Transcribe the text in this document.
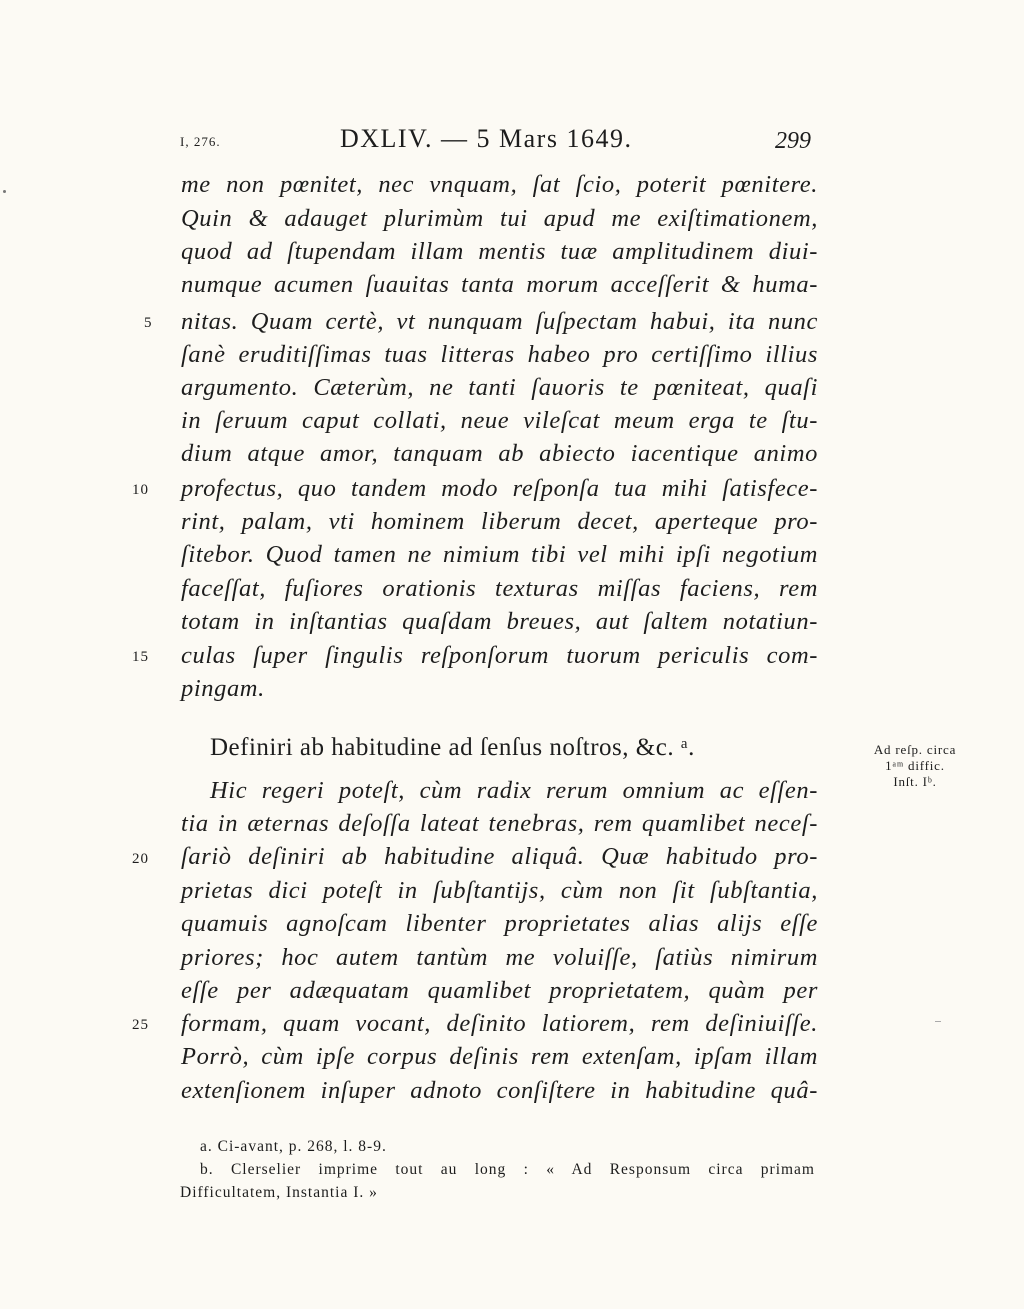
I, 276.	DXLIV. — 5 Mars 1649.	299
me non pœnitet, nec vnquam, ſat ſcio, poterit pœnitere.
Quin & adauget plurimùm tui apud me exiſtimationem,
quod ad ſtupendam illam mentis tuæ amplitudinem diui-
numque acumen ſuauitas tanta morum acceſſerit & huma-
nitas. Quam certè, vt nunquam ſuſpectam habui, ita nunc
ſanè eruditiſſimas tuas litteras habeo pro certiſſimo illius
argumento. Cæterùm, ne tanti ſauoris te pœniteat, quaſi
in ſeruum caput collati, neue vileſcat meum erga te ſtu-
dium atque amor, tanquam ab abiecto iacentique animo
profectus, quo tandem modo reſponſa tua mihi ſatisfece-
rint, palam, vti hominem liberum decet, aperteque pro-
ſitebor. Quod tamen ne nimium tibi vel mihi ipſi negotium
faceſſat, fuſiores orationis texturas miſſas faciens, rem
totam in inſtantias quaſdam breues, aut ſaltem notatiun-
culas ſuper ſingulis reſponſorum tuorum periculis com-
pingam.
5
10
15
20
25
Definiri ab habitudine ad ſenſus noſtros, &c. ᵃ.	Ad reſp. circa
1ᵃᵐ diffic.
Inſt. Iᵇ.
Hic regeri poteſt, cùm radix rerum omnium ac eſſen-
tia in æternas deſoſſa lateat tenebras, rem quamlibet neceſ-
ſariò deſiniri ab habitudine aliquâ. Quæ habitudo pro-
prietas dici poteſt in ſubſtantijs, cùm non ſit ſubſtantia,
quamuis agnoſcam libenter proprietates alias alijs eſſe
priores; hoc autem tantùm me voluiſſe, ſatiùs nimirum
eſſe per adæquatam quamlibet proprietatem, quàm per
formam, quam vocant, deſinito latiorem, rem deſiniuiſſe.
Porrò, cùm ipſe corpus deſinis rem extenſam, ipſam illam
extenſionem inſuper adnoto conſiſtere in habitudine quâ-
a. Ci-avant, p. 268, l. 8-9.
b. Clerselier imprime tout au long : « Ad Responsum circa primam
Difficultatem, Instantia I. »
